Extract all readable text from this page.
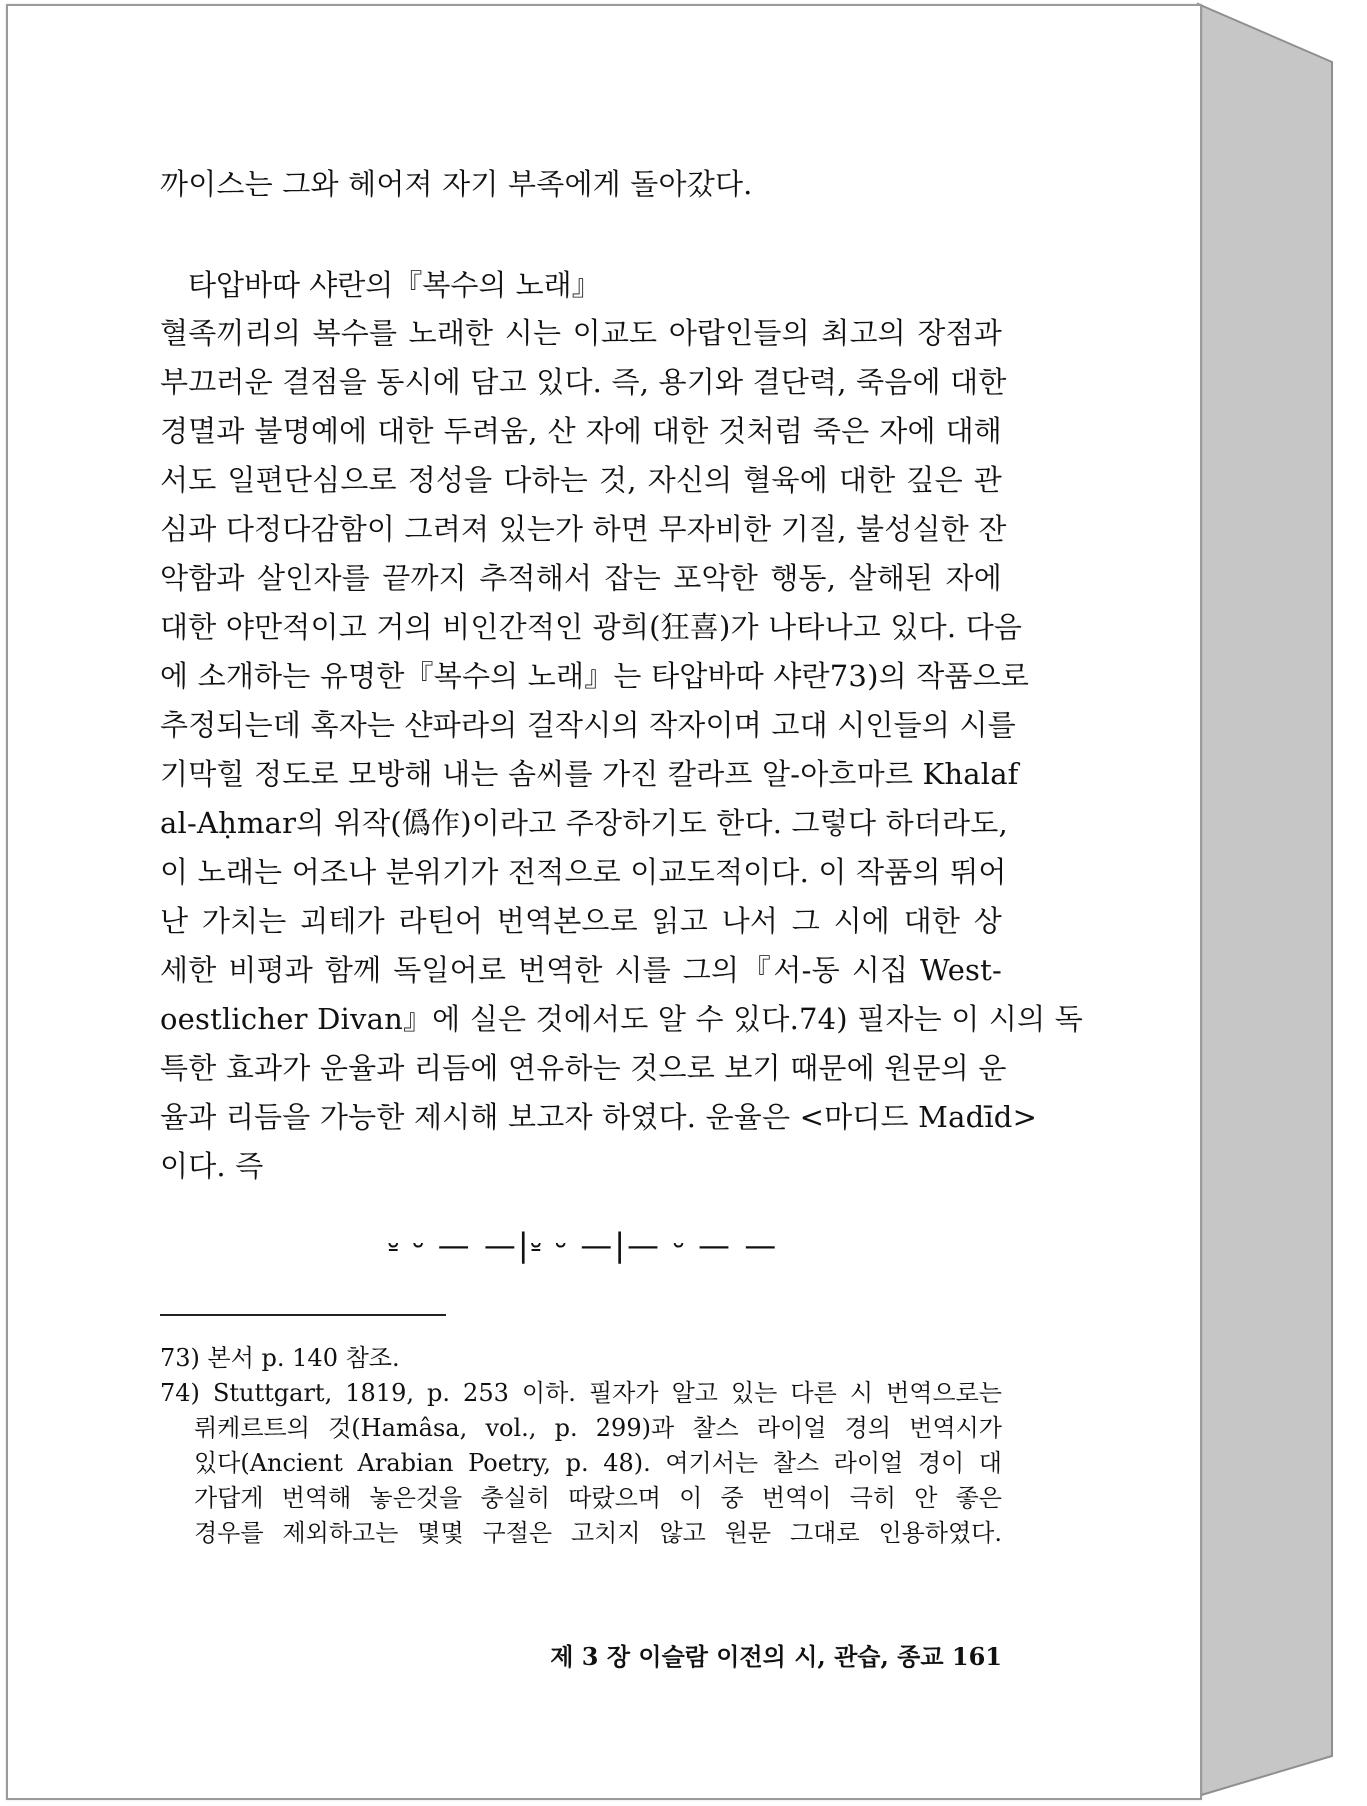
까이스는 그와 헤어져 자기 부족에게 돌아갔다.
타압바따 샤란의『복수의 노래』
혈족끼리의 복수를 노래한 시는 이교도 아랍인들의 최고의 장점과
부끄러운 결점을 동시에 담고 있다. 즉, 용기와 결단력, 죽음에 대한
경멸과 불명예에 대한 두려움, 산 자에 대한 것처럼 죽은 자에 대해
서도 일편단심으로 정성을 다하는 것, 자신의 혈육에 대한 깊은 관
심과 다정다감함이 그려져 있는가 하면 무자비한 기질, 불성실한 잔
악함과 살인자를 끝까지 추적해서 잡는 포악한 행동, 살해된 자에
대한 야만적이고 거의 비인간적인 광희(狂喜)가 나타나고 있다. 다음
에 소개하는 유명한『복수의 노래』는 타압바따 샤란73)의 작품으로
추정되는데 혹자는 샨파라의 걸작시의 작자이며 고대 시인들의 시를
기막힐 정도로 모방해 내는 솜씨를 가진 칼라프 알-아흐마르 Khalaf
al-Aḥmar의 위작(僞作)이라고 주장하기도 한다. 그렇다 하더라도,
이 노래는 어조나 분위기가 전적으로 이교도적이다. 이 작품의 뛰어
난 가치는 괴테가 라틴어 번역본으로 읽고 나서 그 시에 대한 상
세한 비평과 함께 독일어로 번역한 시를 그의『서-동 시집 West-
oestlicher Divan』에 실은 것에서도 알 수 있다.74) 필자는 이 시의 독
특한 효과가 운율과 리듬에 연유하는 것으로 보기 때문에 원문의 운
율과 리듬을 가능한 제시해 보고자 하였다. 운율은 <마디드 Madīd>
이다. 즉
⏓ ⏑ — —|⏓ ⏑ —|— ⏑ — —
73) 본서 p. 140 참조.
74) Stuttgart, 1819, p. 253 이하. 필자가 알고 있는 다른 시 번역으로는
뤼케르트의 것(Hamâsa, vol., p. 299)과 찰스 라이얼 경의 번역시가
있다(Ancient Arabian Poetry, p. 48). 여기서는 찰스 라이얼 경이 대
가답게 번역해 놓은것을 충실히 따랐으며 이 중 번역이 극히 안 좋은
경우를 제외하고는 몇몇 구절은 고치지 않고 원문 그대로 인용하였다.
제 3 장 이슬람 이전의 시, 관습, 종교 161
